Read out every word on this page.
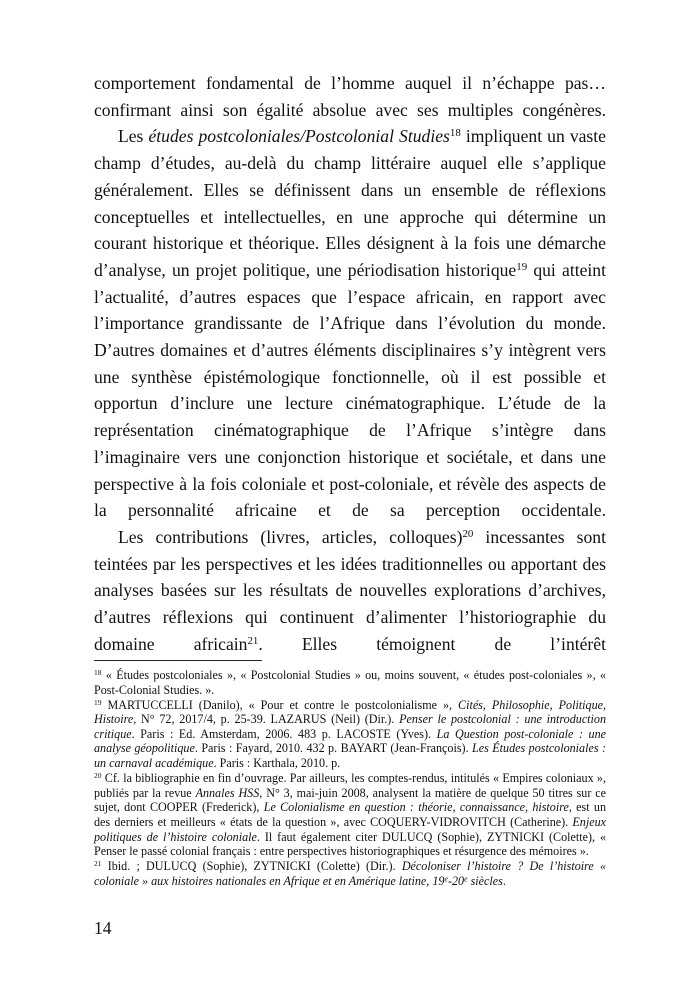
comportement fondamental de l’homme auquel il n’échappe pas… confirmant ainsi son égalité absolue avec ses multiples congénères.

Les études postcoloniales/Postcolonial Studies$^{18}$ impliquent un vaste champ d’études, au-delà du champ littéraire auquel elle s’applique généralement. Elles se définissent dans un ensemble de réflexions conceptuelles et intellectuelles, en une approche qui détermine un courant historique et théorique. Elles désignent à la fois une démarche d’analyse, un projet politique, une périodisation historique$^{19}$ qui atteint l’actualité, d’autres espaces que l’espace africain, en rapport avec l’importance grandissante de l’Afrique dans l’évolution du monde. D’autres domaines et d’autres éléments disciplinaires s’y intègrent vers une synthèse épistémologique fonctionnelle, où il est possible et opportun d’inclure une lecture cinématographique. L’étude de la représentation cinématographique de l’Afrique s’intègre dans l’imaginaire vers une conjonction historique et sociétale, et dans une perspective à la fois coloniale et post-coloniale, et révèle des aspects de la personnalité africaine et de sa perception occidentale.

Les contributions (livres, articles, colloques)$^{20}$ incessantes sont teintées par les perspectives et les idées traditionnelles ou apportant des analyses basées sur les résultats de nouvelles explorations d’archives, d’autres réflexions qui continuent d’alimenter l’historiographie du domaine africain$^{21}$. Elles témoignent de l’intérêt

$^{18}$ « Études postcoloniales », « Postcolonial Studies » ou, moins souvent, « études post-coloniales », « Post-Colonial Studies. ».

$^{19}$ MARTUCCELLI (Danilo), « Pour et contre le postcolonialisme », Cités, Philosophie, Politique, Histoire, N° 72, 2017/4, p. 25-39. LAZARUS (Neil) (Dir.). Penser le postcolonial : une introduction critique. Paris : Ed. Amsterdam, 2006. 483 p. LACOSTE (Yves). La Question post-coloniale : une analyse géopolitique. Paris : Fayard, 2010. 432 p. BAYART (Jean-François). Les Études postcoloniales : un carnaval académique. Paris : Karthala, 2010. p.

$^{20}$ Cf. la bibliographie en fin d’ouvrage. Par ailleurs, les comptes-rendus, intitulés « Empires coloniaux », publiés par la revue Annales HSS, N° 3, mai-juin 2008, analysent la matière de quelque 50 titres sur ce sujet, dont COOPER (Frederick), Le Colonialisme en question : théorie, connaissance, histoire, est un des derniers et meilleurs « états de la question », avec COQUERY-VIDROVITCH (Catherine). Enjeux politiques de l’histoire coloniale. Il faut également citer DULUCQ (Sophie), ZYTNICKI (Colette), « Penser le passé colonial français : entre perspectives historiographiques et résurgence des mémoires ».

$^{21}$ Ibid. ; DULUCQ (Sophie), ZYTNICKI (Colette) (Dir.). Décoloniser l’histoire ? De l’histoire « coloniale » aux histoires nationales en Afrique et en Amérique latine, 19e-20e siècles.

14
